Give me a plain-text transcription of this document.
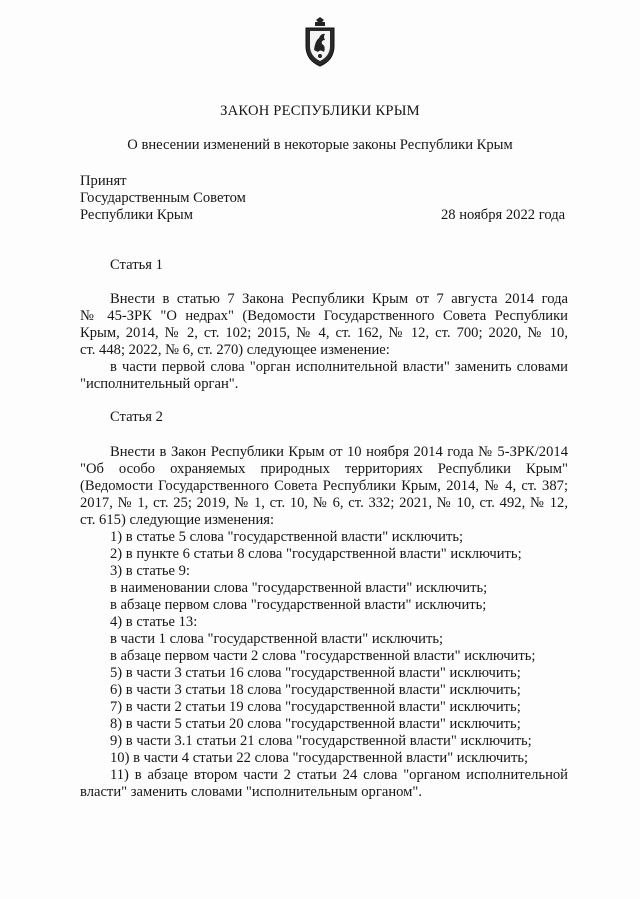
ЗАКОН РЕСПУБЛИКИ КРЫМ
О внесении изменений в некоторые законы Республики Крым
Принят
Государственным Советом
Республики Крым	28 ноября 2022 года
Статья 1
Внести в статью 7 Закона Республики Крым от 7 августа 2014 года
№ 45-ЗРК "О недрах" (Ведомости Государственного Совета Республики
Крым, 2014, № 2, ст. 102; 2015, № 4, ст. 162, № 12, ст. 700; 2020, № 10,
ст. 448; 2022, № 6, ст. 270) следующее изменение:
в части первой слова "орган исполнительной власти" заменить словами
"исполнительный орган".
Статья 2
Внести в Закон Республики Крым от 10 ноября 2014 года № 5-ЗРК/2014
"Об особо охраняемых природных территориях Республики Крым"
(Ведомости Государственного Совета Республики Крым, 2014, № 4, ст. 387;
2017, № 1, ст. 25; 2019, № 1, ст. 10, № 6, ст. 332; 2021, № 10, ст. 492, № 12,
ст. 615) следующие изменения:
1) в статье 5 слова "государственной власти" исключить;
2) в пункте 6 статьи 8 слова "государственной власти" исключить;
3) в статье 9:
в наименовании слова "государственной власти" исключить;
в абзаце первом слова "государственной власти" исключить;
4) в статье 13:
в части 1 слова "государственной власти" исключить;
в абзаце первом части 2 слова "государственной власти" исключить;
5) в части 3 статьи 16 слова "государственной власти" исключить;
6) в части 3 статьи 18 слова "государственной власти" исключить;
7) в части 2 статьи 19 слова "государственной власти" исключить;
8) в части 5 статьи 20 слова "государственной власти" исключить;
9) в части 3.1 статьи 21 слова "государственной власти" исключить;
10) в части 4 статьи 22 слова "государственной власти" исключить;
11) в абзаце втором части 2 статьи 24 слова "органом исполнительной
власти" заменить словами "исполнительным органом".
